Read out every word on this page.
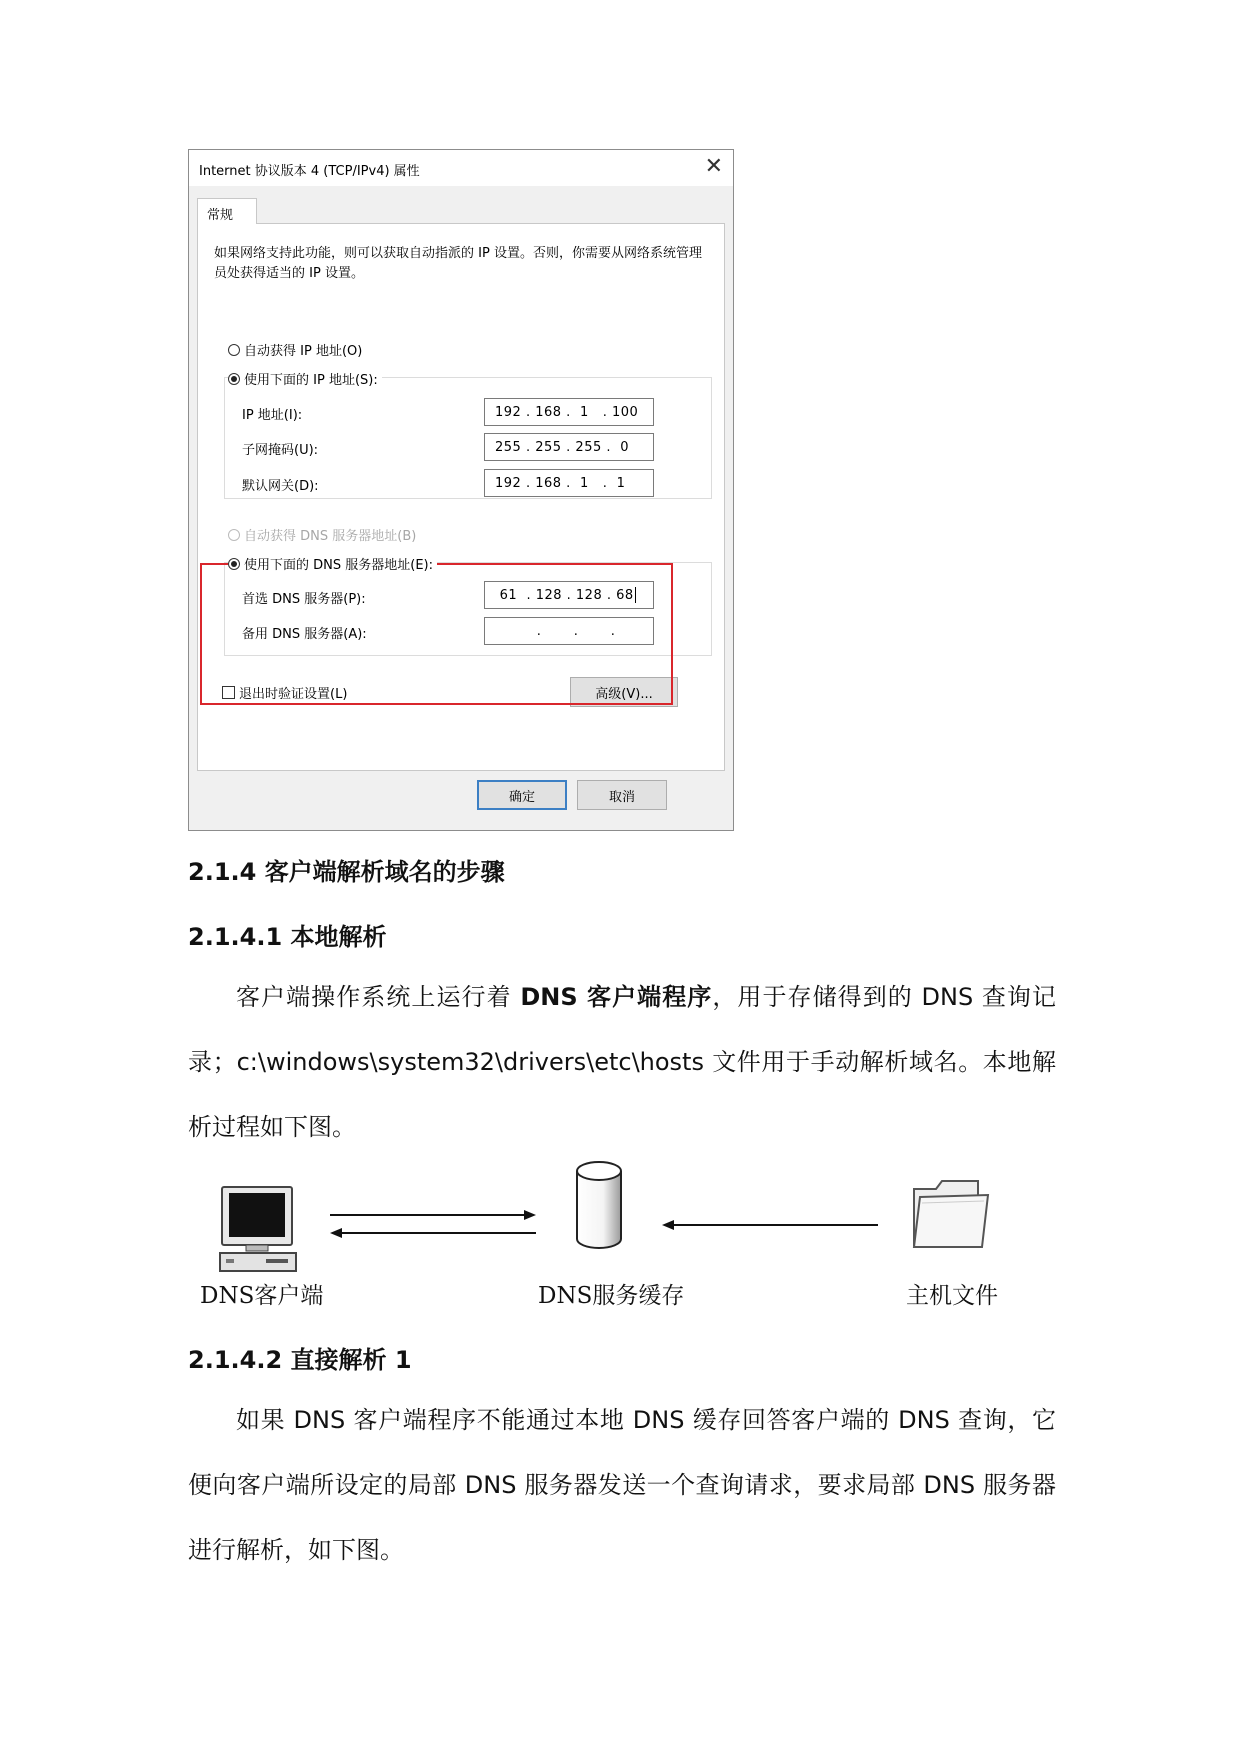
Internet 协议版本 4 (TCP/IPv4) 属性	✕
常规
如果网络支持此功能，则可以获取自动指派的 IP 设置。否则，你需要从网络系统管理员处获得适当的 IP 设置。
自动获得 IP 地址(O)
使用下面的 IP 地址(S):
IP 地址(I):	192 . 168 .  1   . 100
子网掩码(U):	255 . 255 . 255 .  0
默认网关(D):	192 . 168 .  1   .  1
自动获得 DNS 服务器地址(B)
使用下面的 DNS 服务器地址(E):
首选 DNS 服务器(P):	61  . 128 . 128 . 68
备用 DNS 服务器(A):	.       .       .
退出时验证设置(L)	高级(V)...
确定	取消
2.1.4 客户端解析域名的步骤
2.1.4.1 本地解析
客户端操作系统上运行着 DNS 客户端程序，用于存储得到的 DNS 查询记录；c:\windows\system32\drivers\etc\hosts 文件用于手动解析域名。本地解析过程如下图。
DNS客户端	DNS服务缓存	主机文件
2.1.4.2 直接解析 1
如果 DNS 客户端程序不能通过本地 DNS 缓存回答客户端的 DNS 查询，它便向客户端所设定的局部 DNS 服务器发送一个查询请求，要求局部 DNS 服务器进行解析，如下图。
